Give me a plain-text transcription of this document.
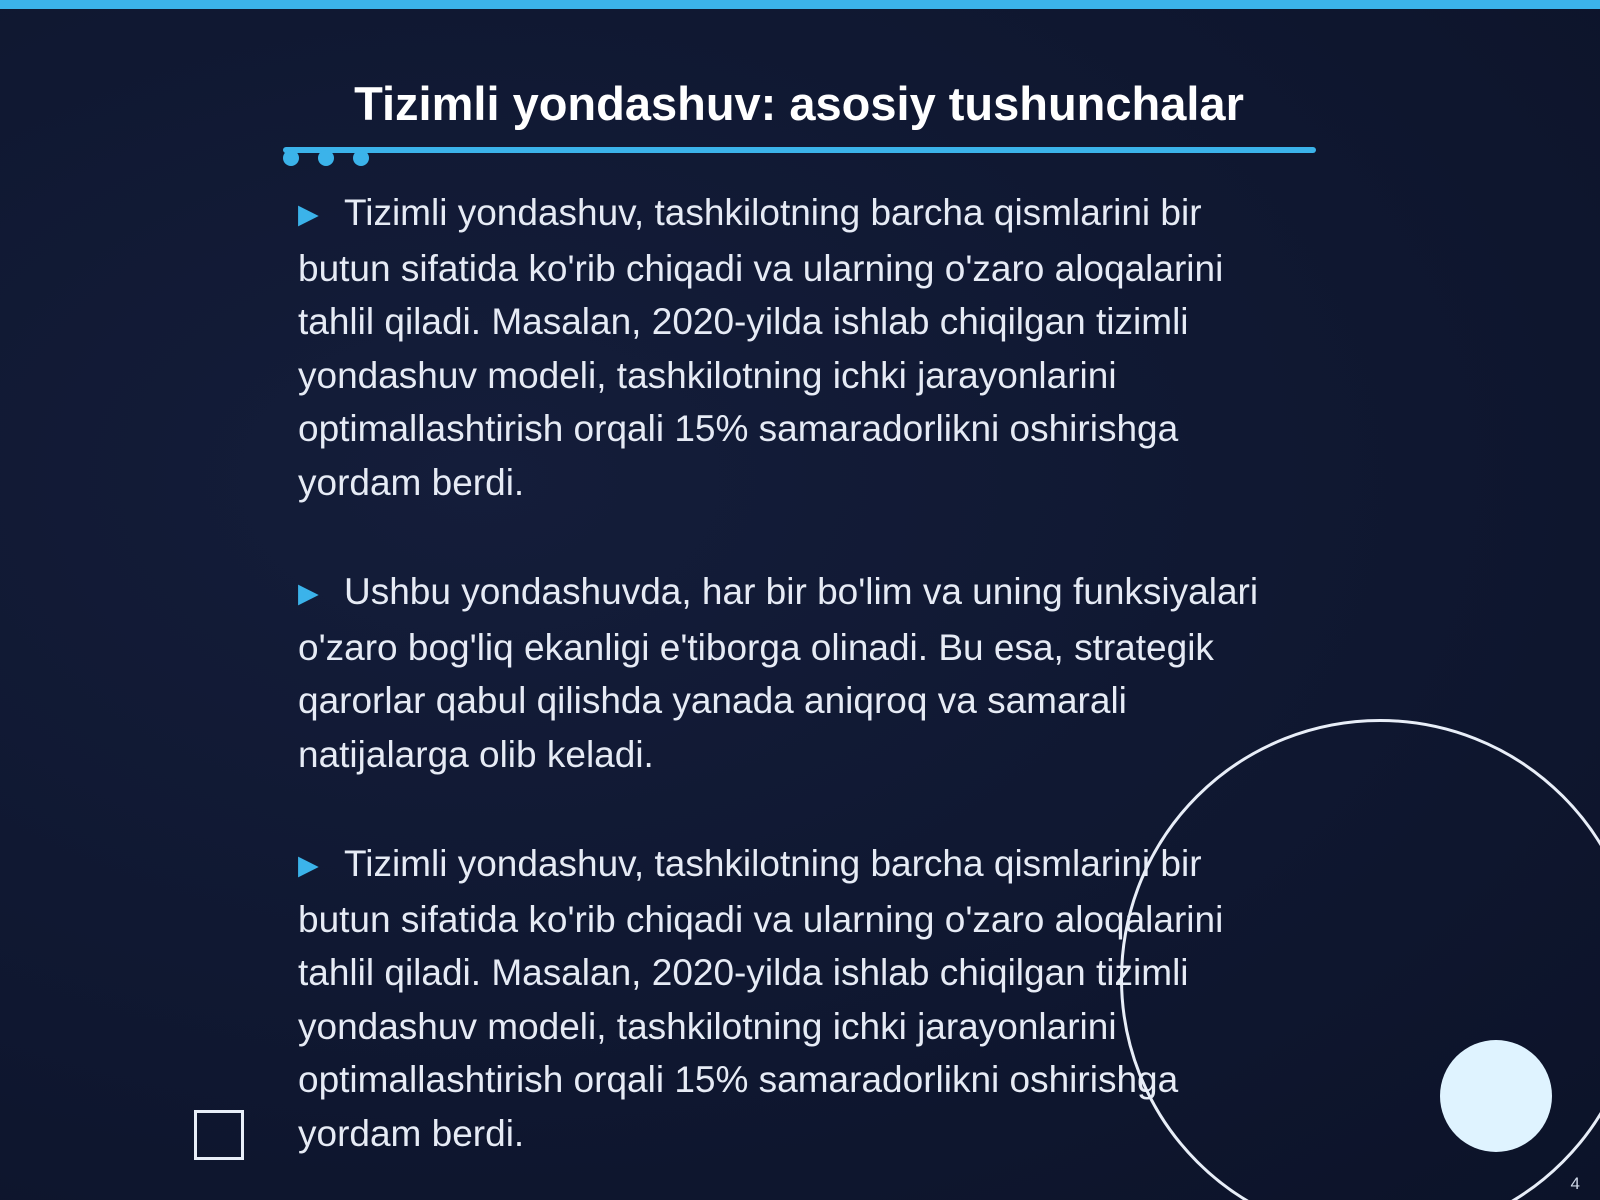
Tizimli yondashuv: asosiy tushunchalar

▶ Tizimli yondashuv, tashkilotning barcha qismlarini bir butun sifatida ko'rib chiqadi va ularning o'zaro aloqalarini tahlil qiladi. Masalan, 2020-yilda ishlab chiqilgan tizimli yondashuv modeli, tashkilotning ichki jarayonlarini optimallashtirish orqali 15% samaradorlikni oshirishga yordam berdi.

▶ Ushbu yondashuvda, har bir bo'lim va uning funksiyalari o'zaro bog'liq ekanligi e'tiborga olinadi. Bu esa, strategik qarorlar qabul qilishda yanada aniqroq va samarali natijalarga olib keladi.

▶ Tizimli yondashuv, tashkilotning barcha qismlarini bir butun sifatida ko'rib chiqadi va ularning o'zaro aloqalarini tahlil qiladi. Masalan, 2020-yilda ishlab chiqilgan tizimli yondashuv modeli, tashkilotning ichki jarayonlarini optimallashtirish orqali 15% samaradorlikni oshirishga yordam berdi.

4
